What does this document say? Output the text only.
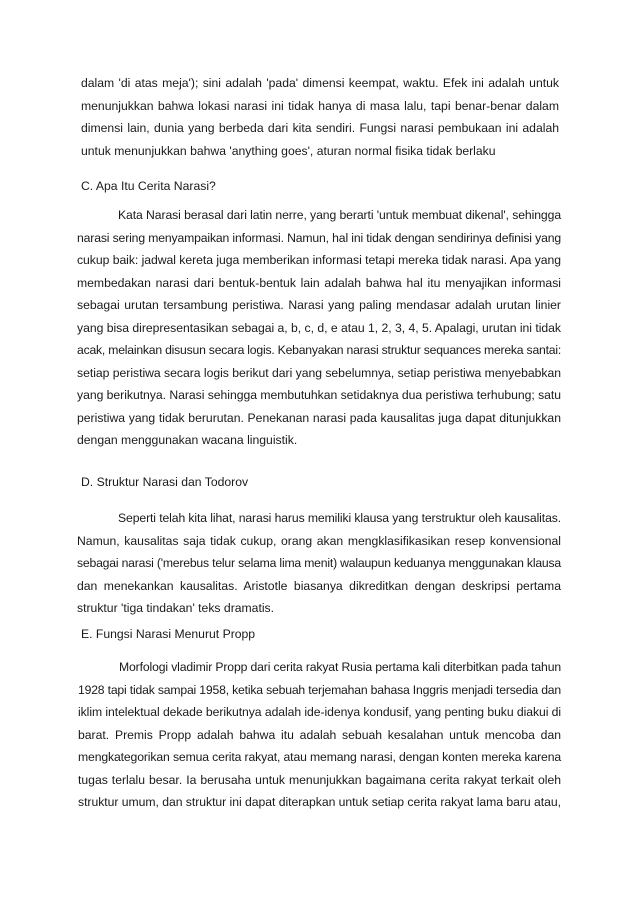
dalam 'di atas meja'); sini adalah 'pada' dimensi keempat, waktu. Efek ini adalah untuk
menunjukkan bahwa lokasi narasi ini tidak hanya di masa lalu, tapi benar-benar dalam
dimensi lain, dunia yang berbeda dari kita sendiri. Fungsi narasi pembukaan ini adalah
untuk menunjukkan bahwa 'anything goes', aturan normal fisika tidak berlaku
C. Apa Itu Cerita Narasi?
Kata Narasi berasal dari latin nerre, yang berarti 'untuk membuat dikenal', sehingga
narasi sering menyampaikan informasi. Namun, hal ini tidak dengan sendirinya definisi yang
cukup baik: jadwal kereta juga memberikan informasi tetapi mereka tidak narasi. Apa yang
membedakan narasi dari bentuk-bentuk lain adalah bahwa hal itu menyajikan informasi
sebagai urutan tersambung peristiwa. Narasi yang paling mendasar adalah urutan linier
yang bisa direpresentasikan sebagai a, b, c, d, e atau 1, 2, 3, 4, 5. Apalagi, urutan ini tidak
acak, melainkan disusun secara logis. Kebanyakan narasi struktur sequances mereka santai:
setiap peristiwa secara logis berikut dari yang sebelumnya, setiap peristiwa menyebabkan
yang berikutnya. Narasi sehingga membutuhkan setidaknya dua peristiwa terhubung; satu
peristiwa yang tidak berurutan. Penekanan narasi pada kausalitas juga dapat ditunjukkan
dengan menggunakan wacana linguistik.
D. Struktur Narasi dan Todorov
Seperti telah kita lihat, narasi harus memiliki klausa yang terstruktur oleh kausalitas.
Namun, kausalitas saja tidak cukup, orang akan mengklasifikasikan resep konvensional
sebagai narasi ('merebus telur selama lima menit) walaupun keduanya menggunakan klausa
dan menekankan kausalitas. Aristotle biasanya dikreditkan dengan deskripsi pertama
struktur 'tiga tindakan' teks dramatis.
E. Fungsi Narasi Menurut Propp
Morfologi vladimir Propp dari cerita rakyat Rusia pertama kali diterbitkan pada tahun
1928 tapi tidak sampai 1958, ketika sebuah terjemahan bahasa Inggris menjadi tersedia dan
iklim intelektual dekade berikutnya adalah ide-idenya kondusif, yang penting buku diakui di
barat. Premis Propp adalah bahwa itu adalah sebuah kesalahan untuk mencoba dan
mengkategorikan semua cerita rakyat, atau memang narasi, dengan konten mereka karena
tugas terlalu besar. Ia berusaha untuk menunjukkan bagaimana cerita rakyat terkait oleh
struktur umum, dan struktur ini dapat diterapkan untuk setiap cerita rakyat lama baru atau,
